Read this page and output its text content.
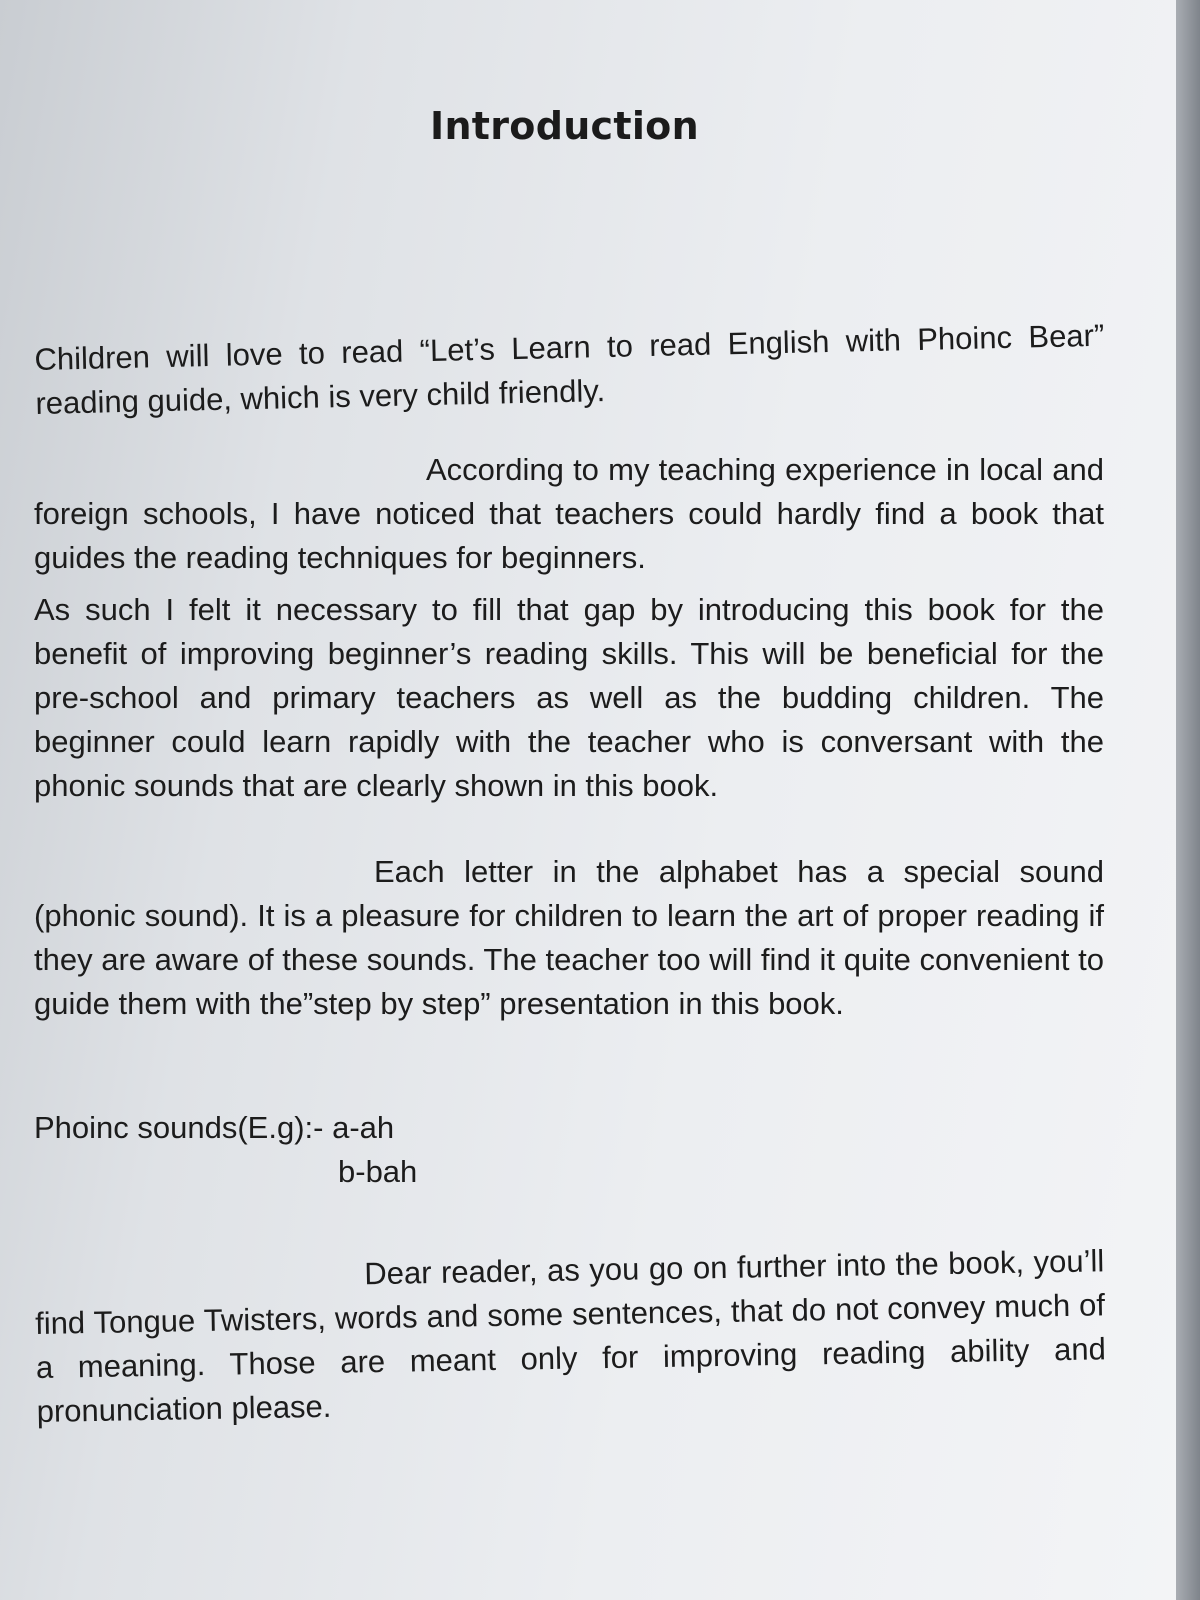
Introduction

Children will love to read “Let’s Learn to read English with Phoinc Bear” reading guide, which is very child friendly.

According to my teaching experience in local and foreign schools, I have noticed that teachers could hardly find a book that guides the reading techniques for beginners.

As such I felt it necessary to fill that gap by introducing this book for the benefit of improving beginner’s reading skills. This will be beneficial for the pre-school and primary teachers as well as the budding children. The beginner could learn rapidly with the teacher who is conversant with the phonic sounds that are clearly shown in this book.

Each letter in the alphabet has a special sound (phonic sound). It is a pleasure for children to learn the art of proper reading if they are aware of these sounds. The teacher too will find it quite convenient to guide them with the”step by step” presentation in this book.

Phoinc sounds(E.g):- a-ah
b-bah

Dear reader, as you go on further into the book, you’ll find Tongue Twisters, words and some sentences, that do not convey much of a meaning. Those are meant only for improving reading ability and pronunciation please.
